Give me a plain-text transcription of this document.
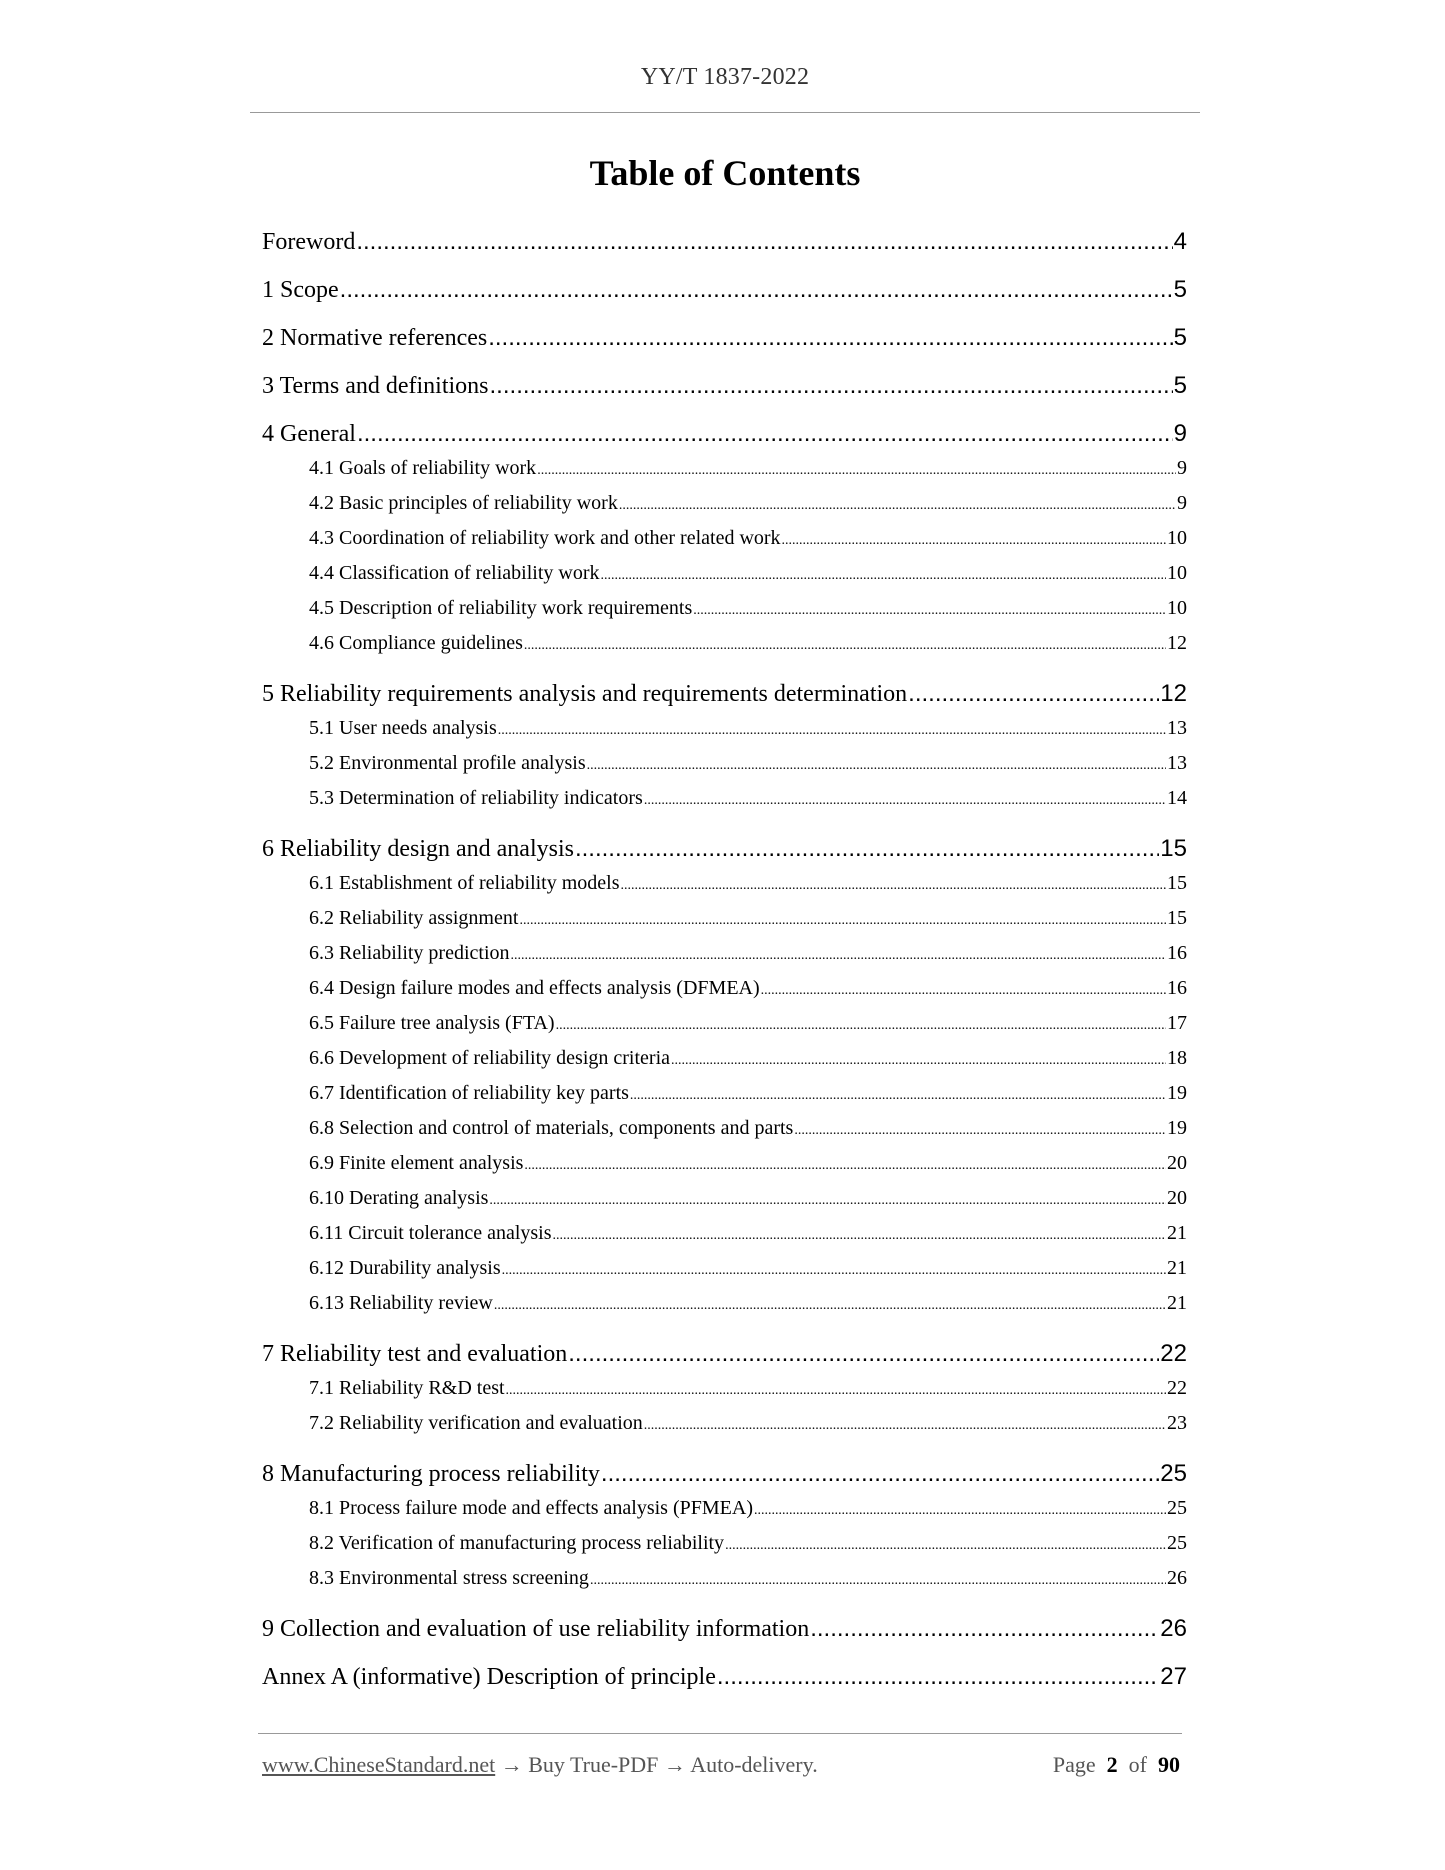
YY/T 1837-2022
Table of Contents
Foreword .....	4
1 Scope .....	5
2 Normative references .....	5
3 Terms and definitions .....	5
4 General .....	9
4.1 Goals of reliability work .....	9
4.2 Basic principles of reliability work .....	9
4.3 Coordination of reliability work and other related work .....	10
4.4 Classification of reliability work .....	10
4.5 Description of reliability work requirements .....	10
4.6 Compliance guidelines .....	12
5 Reliability requirements analysis and requirements determination .....	12
5.1 User needs analysis .....	13
5.2 Environmental profile analysis .....	13
5.3 Determination of reliability indicators .....	14
6 Reliability design and analysis .....	15
6.1 Establishment of reliability models .....	15
6.2 Reliability assignment .....	15
6.3 Reliability prediction .....	16
6.4 Design failure modes and effects analysis (DFMEA) .....	16
6.5 Failure tree analysis (FTA) .....	17
6.6 Development of reliability design criteria .....	18
6.7 Identification of reliability key parts .....	19
6.8 Selection and control of materials, components and parts .....	19
6.9 Finite element analysis .....	20
6.10 Derating analysis .....	20
6.11 Circuit tolerance analysis .....	21
6.12 Durability analysis .....	21
6.13 Reliability review .....	21
7 Reliability test and evaluation .....	22
7.1 Reliability R&D test .....	22
7.2 Reliability verification and evaluation .....	23
8 Manufacturing process reliability .....	25
8.1 Process failure mode and effects analysis (PFMEA) .....	25
8.2 Verification of manufacturing process reliability .....	25
8.3 Environmental stress screening .....	26
9 Collection and evaluation of use reliability information .....	26
Annex A (informative) Description of principle .....	27
www.ChineseStandard.net → Buy True-PDF → Auto-delivery.	Page 2 of 90
